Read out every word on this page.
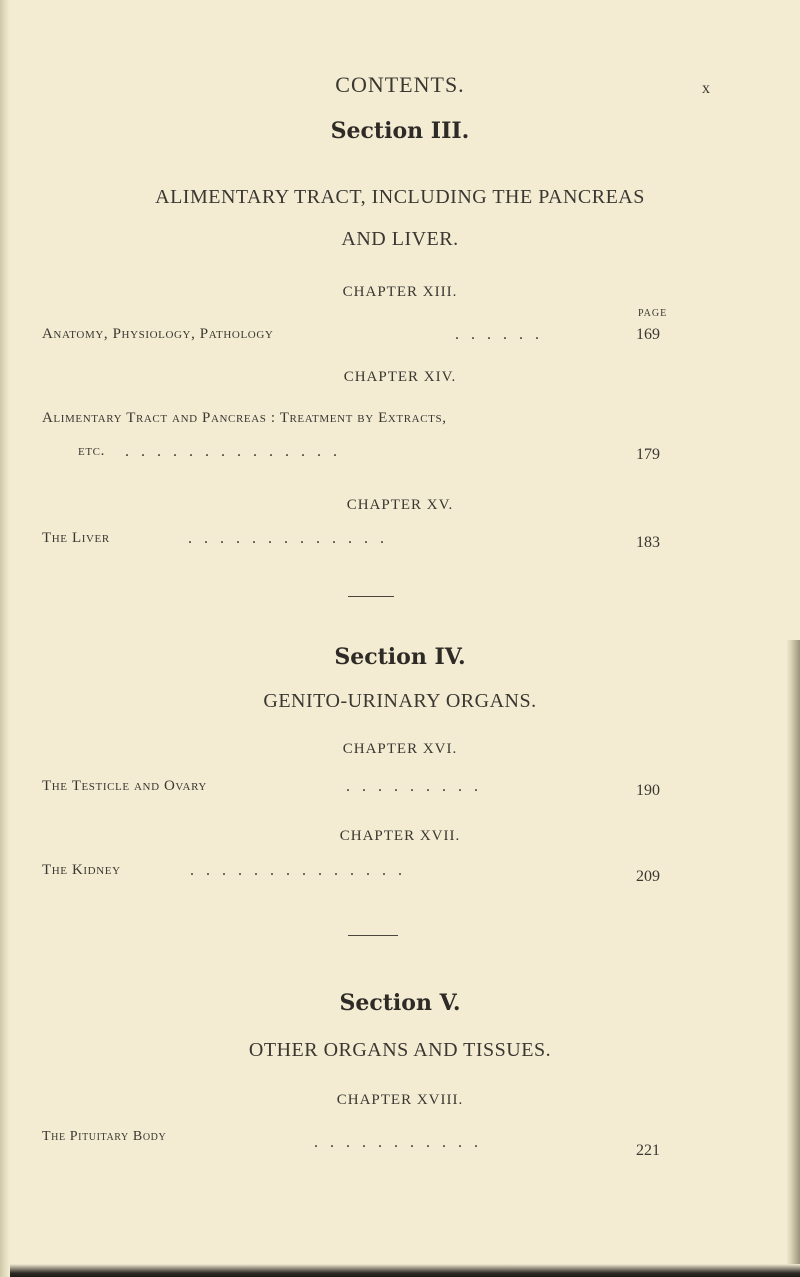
CONTENTS.	x
Section III.
ALIMENTARY TRACT, INCLUDING THE PANCREAS
AND LIVER.
CHAPTER XIII.
PAGE
Anatomy, Physiology, Pathology	.   .   .   .   .   .	169
CHAPTER XIV.
Alimentary Tract and Pancreas : Treatment by Extracts,
etc. .   .   .   .   .   .   .   .   .   .   .   .   .   .	179
CHAPTER XV.
The Liver	.   .   .   .   .   .   .   .   .   .   .   .   .	183
Section IV.
GENITO-URINARY ORGANS.
CHAPTER XVI.
The Testicle and Ovary	.   .   .   .   .   .   .   .   .	190
CHAPTER XVII.
The Kidney	.   .   .   .   .   .   .   .   .   .   .   .   .   .	209
Section V.
OTHER ORGANS AND TISSUES.
CHAPTER XVIII.
The Pituitary Body	.   .   .   .   .   .   .   .   .   .   .	221
